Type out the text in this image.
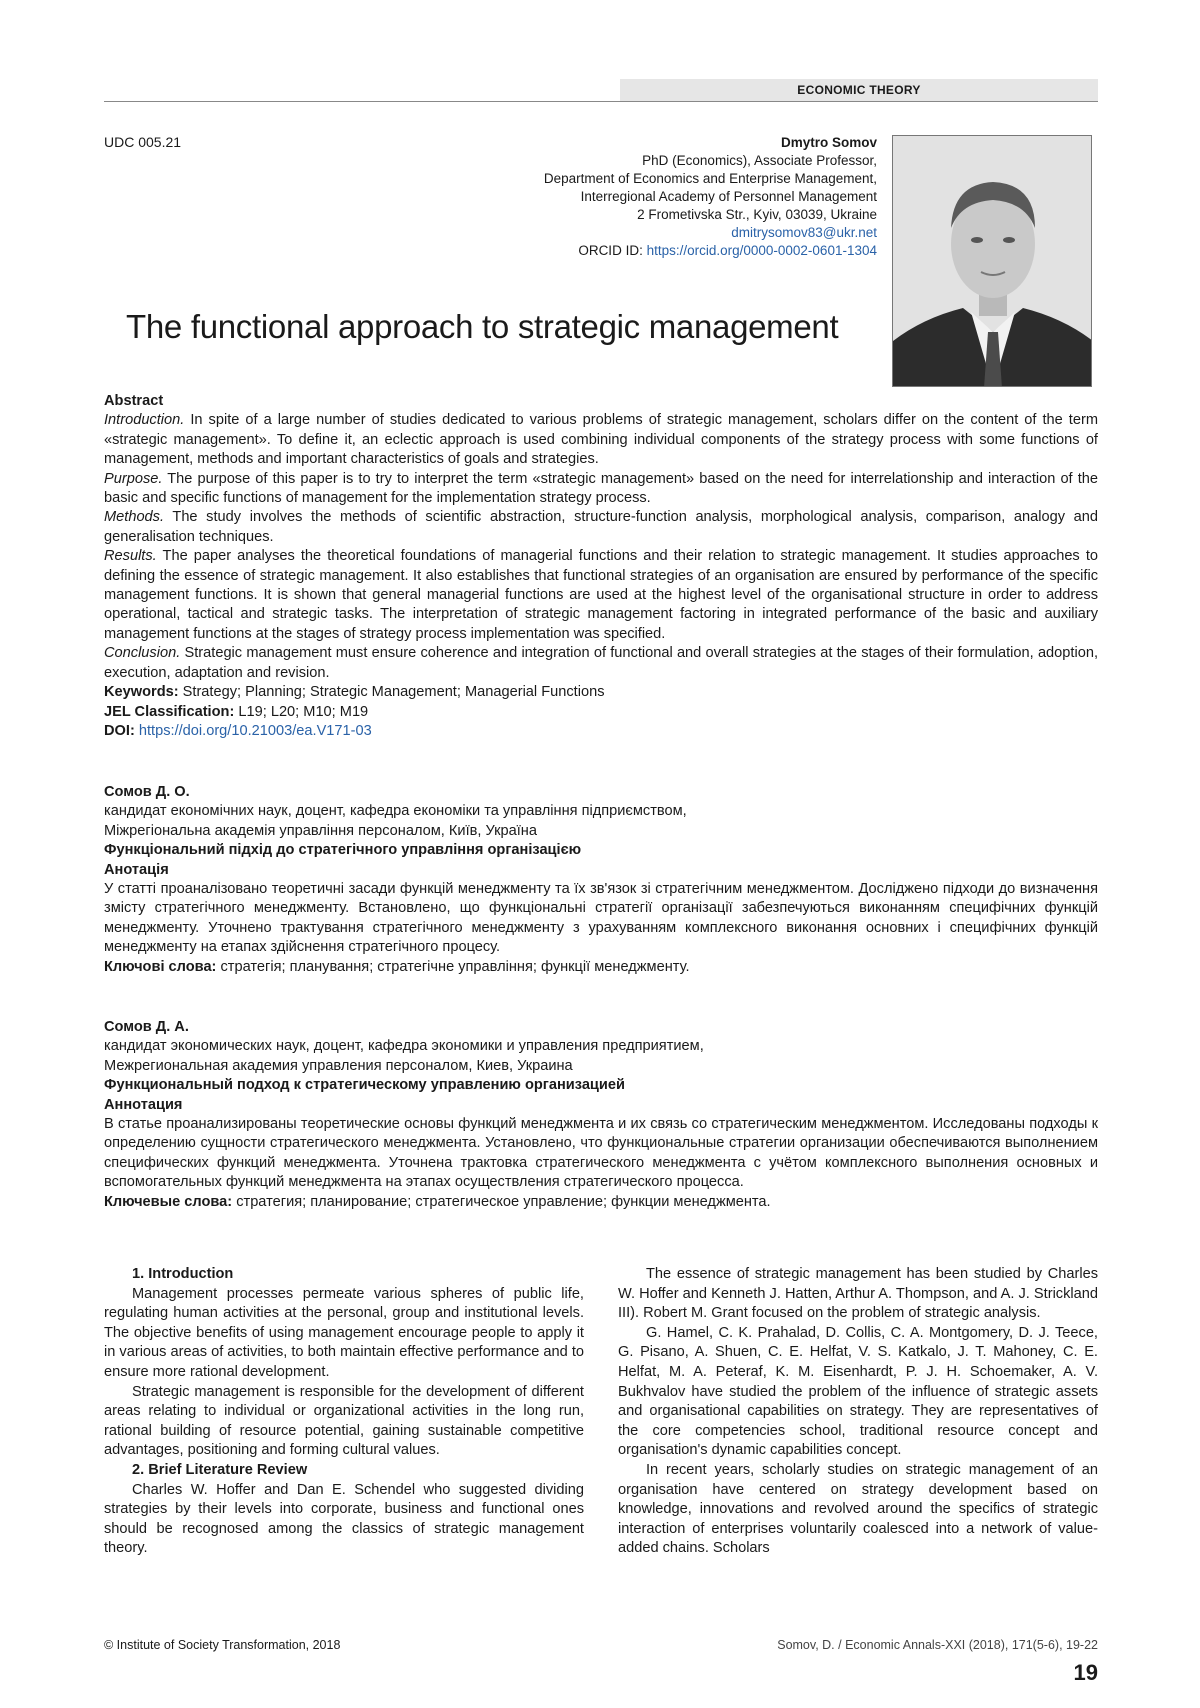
ECONOMIC THEORY
UDC 005.21	Dmytro Somov
PhD (Economics), Associate Professor,
Department of Economics and Enterprise Management,
Interregional Academy of Personnel Management
2 Frometivska Str., Kyiv, 03039, Ukraine
dmitrysomov83@ukr.net
ORCID ID: https://orcid.org/0000-0002-0601-1304
The functional approach to strategic management

Abstract

Introduction. In spite of a large number of studies dedicated to various problems of strategic management, scholars differ on the content of the term «strategic management». To define it, an eclectic approach is used combining individual components of the strategy process with some functions of management, methods and important characteristics of goals and strategies.

Purpose. The purpose of this paper is to try to interpret the term «strategic management» based on the need for interrelationship and interaction of the basic and specific functions of management for the implementation strategy process.

Methods. The study involves the methods of scientific abstraction, structure-function analysis, morphological analysis, comparison, analogy and generalisation techniques.

Results. The paper analyses the theoretical foundations of managerial functions and their relation to strategic management. It studies approaches to defining the essence of strategic management. It also establishes that functional strategies of an organisation are ensured by performance of the specific management functions. It is shown that general managerial functions are used at the highest level of the organisational structure in order to address operational, tactical and strategic tasks. The interpretation of strategic management factoring in integrated performance of the basic and auxiliary management functions at the stages of strategy process implementation was specified.

Conclusion. Strategic management must ensure coherence and integration of functional and overall strategies at the stages of their formulation, adoption, execution, adaptation and revision.

Keywords: Strategy; Planning; Strategic Management; Managerial Functions

JEL Classification: L19; L20; M10; M19

DOI: https://doi.org/10.21003/ea.V171-03

Сомов Д. О.

кандидат економічних наук, доцент, кафедра економіки та управління підприємством,

Міжрегіональна академія управління персоналом, Київ, Україна

Функціональний підхід до стратегічного управління організацією

Анотація

У статті проаналізовано теоретичні засади функцій менеджменту та їх зв'язок зі стратегічним менеджментом. Досліджено підходи до визначення змісту стратегічного менеджменту. Встановлено, що функціональні стратегії організації забезпечуються виконанням специфічних функцій менеджменту. Уточнено трактування стратегічного менеджменту з урахуванням комплексного виконання основних і специфічних функцій менеджменту на етапах здійснення стратегічного процесу.

Ключові слова: стратегія; планування; стратегічне управління; функції менеджменту.

Сомов Д. А.

кандидат экономических наук, доцент, кафедра экономики и управления предприятием,

Межрегиональная академия управления персоналом, Киев, Украина

Функциональный подход к стратегическому управлению организацией

Аннотация

В статье проанализированы теоретические основы функций менеджмента и их связь со стратегическим менеджментом. Исследованы подходы к определению сущности стратегического менеджмента. Установлено, что функциональные стратегии организации обеспечиваются выполнением специфических функций менеджмента. Уточнена трактовка стратегического менеджмента с учётом комплексного выполнения основных и вспомогательных функций менеджмента на этапах осуществления стратегического процесса.

Ключевые слова: стратегия; планирование; стратегическое управление; функции менеджмента.

1. Introduction

Management processes permeate various spheres of public life, regulating human activities at the personal, group and institutional levels. The objective benefits of using management encourage people to apply it in various areas of activities, to both maintain effective performance and to ensure more rational development.

Strategic management is responsible for the development of different areas relating to individual or organizational activities in the long run, rational building of resource potential, gaining sustainable competitive advantages, positioning and forming cultural values.

2. Brief Literature Review

Charles W. Hoffer and Dan E. Schendel who suggested dividing strategies by their levels into corporate, business and functional ones should be recognosed among the classics of strategic management theory.

The essence of strategic management has been studied by Charles W. Hoffer and Kenneth J. Hatten, Arthur A. Thompson, and A. J. Strickland III). Robert M. Grant focused on the problem of strategic analysis.

G. Hamel, C. K. Prahalad, D. Collis, C. A. Montgomery, D. J. Teece, G. Pisano, A. Shuen, C. E. Helfat, V. S. Katkalo, J. T. Mahoney, C. E. Helfat, M. A. Peteraf, K. M. Eisenhardt, P. J. H. Schoemaker, A. V. Bukhvalov have studied the problem of the influence of strategic assets and organisational capabilities on strategy. They are representatives of the core competencies school, traditional resource concept and organisation's dynamic capabilities concept.

In recent years, scholarly studies on strategic management of an organisation have centered on strategy development based on knowledge, innovations and revolved around the specifics of strategic interaction of enterprises voluntarily coalesced into a network of value-added chains. Scholars

© Institute of Society Transformation, 2018	Somov, D. / Economic Annals-XXI (2018), 171(5-6), 19-22
19
